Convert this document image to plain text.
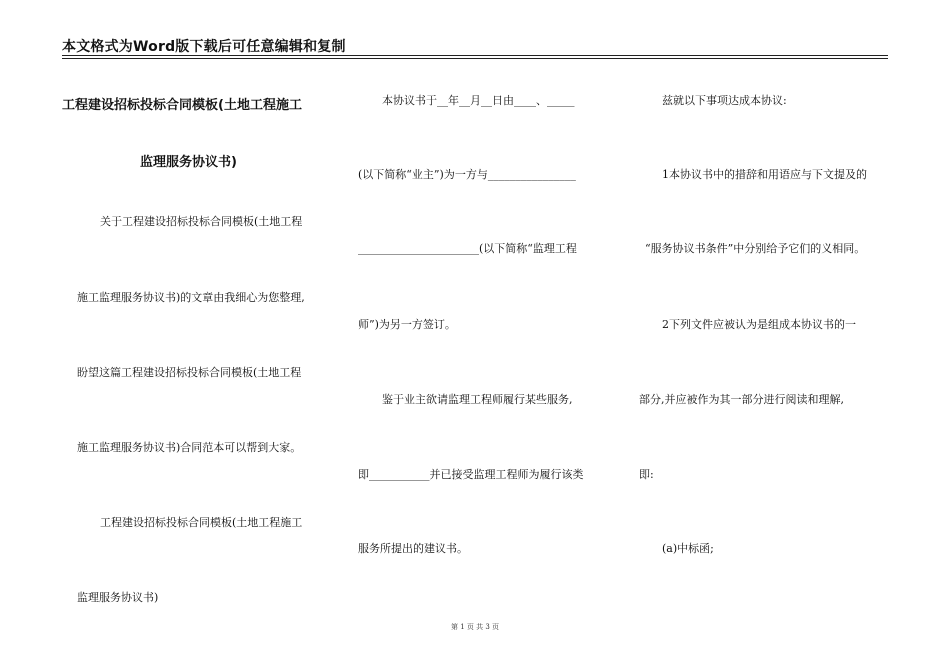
本文格式为Word版下载后可任意编辑和复制
工程建设招标投标合同模板(土地工程施工
监理服务协议书)
关于工程建设招标投标合同模板(土地工程
施工监理服务协议书)的文章由我细心为您整理,
盼望这篇工程建设招标投标合同模板(土地工程
施工监理服务协议书)合同范本可以帮到大家。
工程建设招标投标合同模板(土地工程施工
监理服务协议书)
本协议书于__年__月__日由____、_____
(以下简称“业主”)为一方与________________
______________________(以下简称“监理工程
师”)为另一方签订。
鉴于业主欲请监理工程师履行某些服务,
即___________并已接受监理工程师为履行该类
服务所提出的建议书。
兹就以下事项达成本协议:
1本协议书中的措辞和用语应与下文提及的
“服务协议书条件”中分别给予它们的义相同。
2下列文件应被认为是组成本协议书的一
部分,并应被作为其一部分进行阅读和理解,
即:
(a)中标函;
第 1 页 共 3 页
